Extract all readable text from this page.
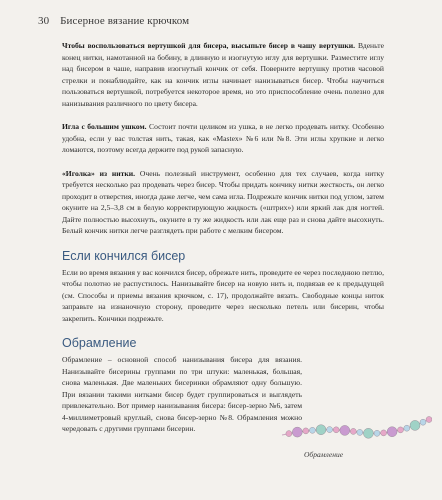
30 Бисерное вязание крючком

Чтобы воспользоваться вертушкой для бисера, высыпьте бисер в чашу вертушки. Вденьте конец нитки, намотанной на бобину, в длинную и изогнутую иглу для вертушки. Разместите иглу над бисером в чаше, направив изогнутый кончик от себя. Поверните вертушку против часовой стрелки и понаблюдайте, как на кончик иглы начинает нанизываться бисер. Чтобы научиться пользоваться вертушкой, потребуется некоторое время, но это приспособление очень полезно для нанизывания различного по цвету бисера.

Игла с большим ушком. Состоит почти целиком из ушка, в не легко продевать нитку. Особенно удобна, если у вас толстая нить, такая, как «Mastex» №6 или №8. Эти иглы хрупкие и легко ломаются, поэтому всегда держите под рукой запасную.

«Иголка» из нитки. Очень полезный инструмент, особенно для тех случаев, когда нитку требуется несколько раз продевать через бисер. Чтобы придать кончику нитки жесткость, он легко проходит в отверстия, иногда даже легче, чем сама игла. Подрежьте кончик нитки под углом, затем окуните на 2,5–3,8 см в белую корректирующую жидкость («штрих») или яркий лак для ногтей. Дайте полностью высохнуть, окуните в ту же жидкость или лак еще раз и снова дайте высохнуть. Белый кончик нитки легче разглядеть при работе с мелким бисером.

Если кончился бисер

Если во время вязания у вас кончился бисер, обрежьте нить, проведите ее через последнюю петлю, чтобы полотно не распустилось. Нанизывайте бисер на новую нить и, подвязав ее к предыдущей (см. Способы и приемы вязания крючком, с. 17), продолжайте вязать. Свободные концы ниток заправьте на изнаночную сторону, проведите через несколько петель или бисерин, чтобы закрепить. Кончики подрежьте.

Обрамление

Обрамление – основной способ нанизывания бисера для вязания. Нанизывайте бисерины группами по три штуки: маленькая, большая, снова маленькая. Две маленьких бисеринки обрамляют одну большую. При вязании такими нитками бисер будет группироваться и выглядеть привлекательно. Вот пример нанизывания бисера: бисер-зерно №6, затем 4-миллиметровый круглый, снова бисер-зерно №8. Обрамления можно чередовать с другими группами бисерин.

Обрамление
